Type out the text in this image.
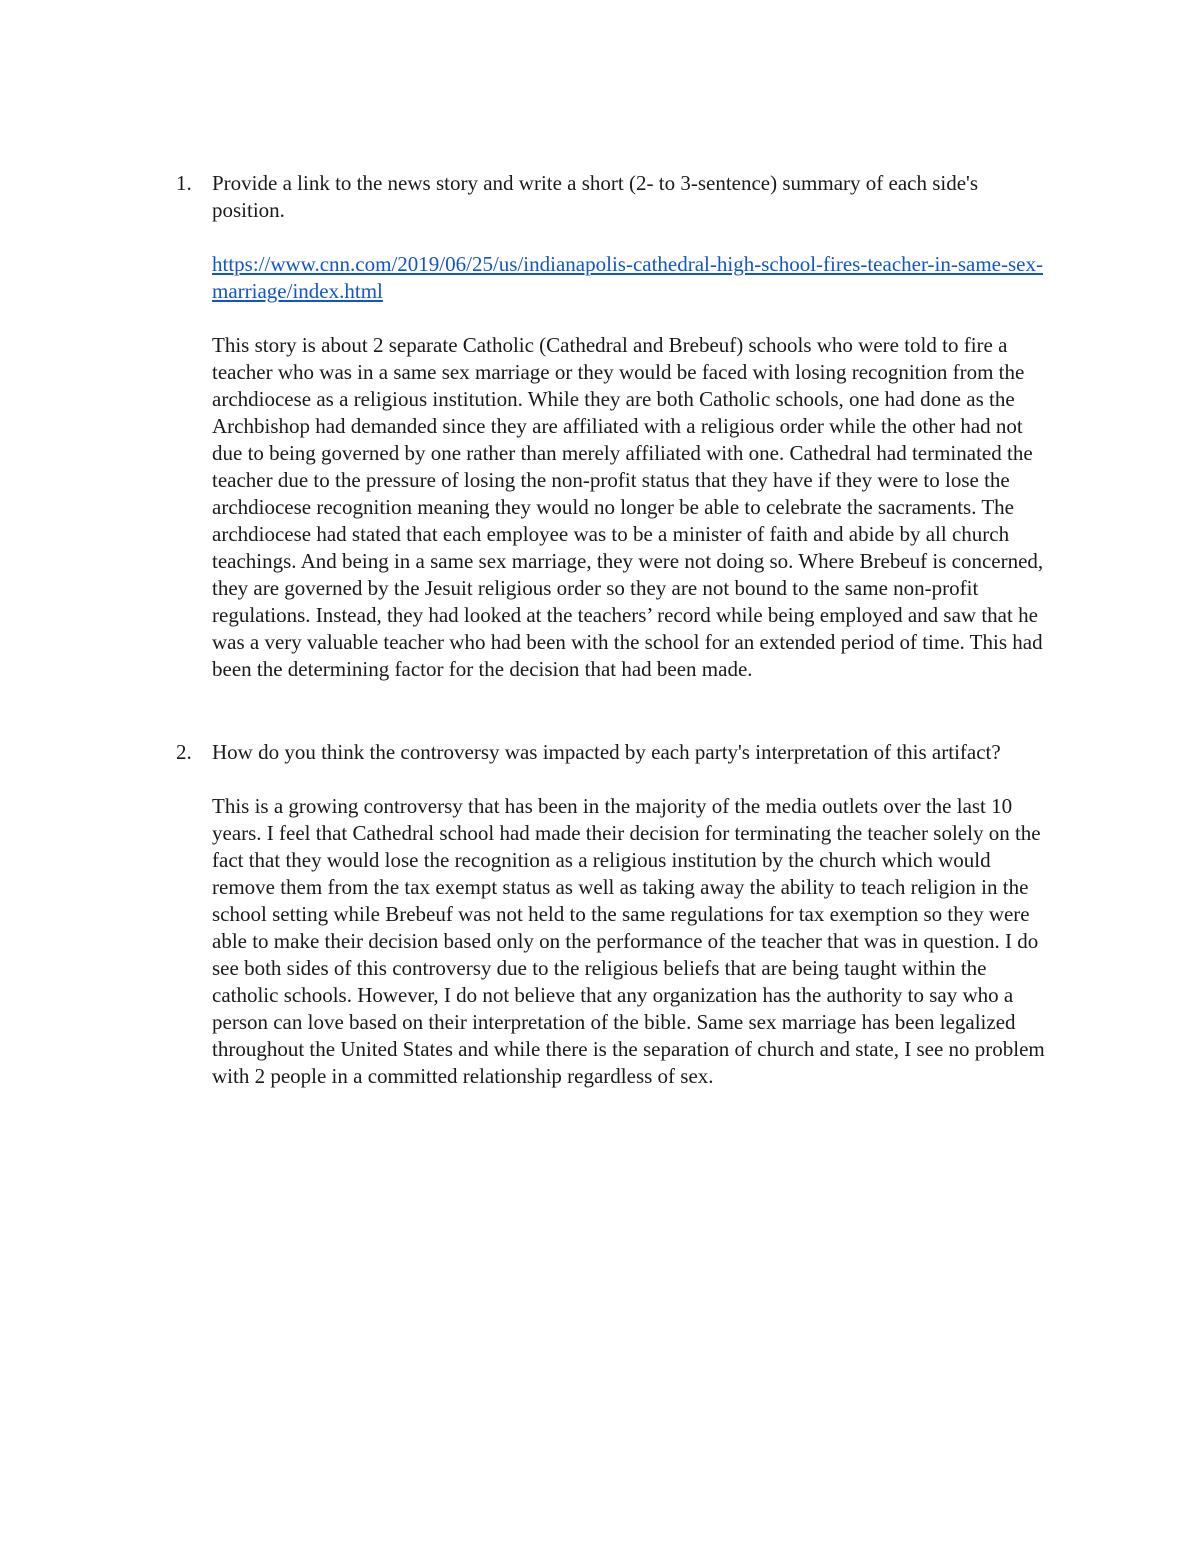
1. Provide a link to the news story and write a short (2- to 3-sentence) summary of each side's position.

https://www.cnn.com/2019/06/25/us/indianapolis-cathedral-high-school-fires-teacher-in-same-sex-marriage/index.html

This story is about 2 separate Catholic (Cathedral and Brebeuf) schools who were told to fire a teacher who was in a same sex marriage or they would be faced with losing recognition from the archdiocese as a religious institution. While they are both Catholic schools, one had done as the Archbishop had demanded since they are affiliated with a religious order while the other had not due to being governed by one rather than merely affiliated with one. Cathedral had terminated the teacher due to the pressure of losing the non-profit status that they have if they were to lose the archdiocese recognition meaning they would no longer be able to celebrate the sacraments. The archdiocese had stated that each employee was to be a minister of faith and abide by all church teachings. And being in a same sex marriage, they were not doing so. Where Brebeuf is concerned, they are governed by the Jesuit religious order so they are not bound to the same non-profit regulations. Instead, they had looked at the teachers’ record while being employed and saw that he was a very valuable teacher who had been with the school for an extended period of time. This had been the determining factor for the decision that had been made.

2. How do you think the controversy was impacted by each party's interpretation of this artifact?

This is a growing controversy that has been in the majority of the media outlets over the last 10 years. I feel that Cathedral school had made their decision for terminating the teacher solely on the fact that they would lose the recognition as a religious institution by the church which would remove them from the tax exempt status as well as taking away the ability to teach religion in the school setting while Brebeuf was not held to the same regulations for tax exemption so they were able to make their decision based only on the performance of the teacher that was in question. I do see both sides of this controversy due to the religious beliefs that are being taught within the catholic schools. However, I do not believe that any organization has the authority to say who a person can love based on their interpretation of the bible. Same sex marriage has been legalized throughout the United States and while there is the separation of church and state, I see no problem with 2 people in a committed relationship regardless of sex.
